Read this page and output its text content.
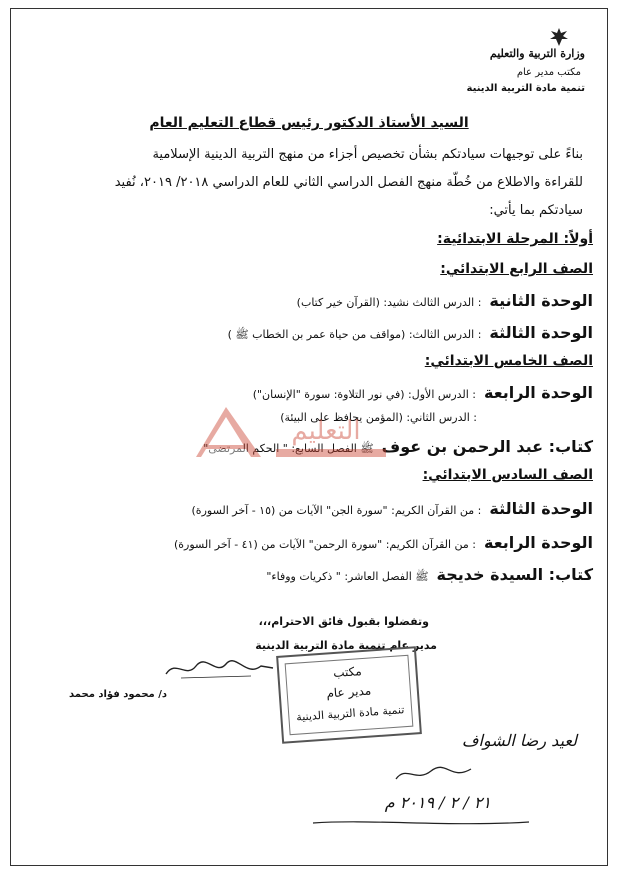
وزارة التربية والتعليم
مكتب مدير عام
تنمية مادة التربية الدينية
السيد الأستاذ الدكتور رئيس قطاع التعليم العام
بناءً على توجيهات سيادتكم بشأن تخصيص أجزاء من منهج التربية الدينية الإسلامية
للقراءة والاطلاع من خُطّة منهج الفصل الدراسي الثاني للعام الدراسي ٢٠١٨/ ٢٠١٩، نُفيد
سيادتكم بما يأتي:
أولاً: المرحلة الابتدائية:
الصف الرابع الابتدائي:
الوحدة الثانية
: الدرس الثالث نشيد: (القرآن خير كتاب)
الوحدة الثالثة
: الدرس الثالث: (مواقف من حياة عمر بن الخطاب ﷺ )
الصف الخامس الابتدائي:
الوحدة الرابعة
: الدرس الأول: (في نور التلاوة: سورة "الإنسان")
: الدرس الثاني: (المؤمن يحافظ على البيئة)
كتاب: عبد الرحمن بن عوف
ﷺ الفصل السابع: " الحكم المرتضى"
التعليم
الصف السادس الابتدائي:
الوحدة الثالثة
: من القرآن الكريم: "سورة الجن" الآيات من (١٥ - آخر السورة)
الوحدة الرابعة
: من القرآن الكريم: "سورة الرحمن" الآيات من (٤١ - آخر السورة)
كتاب: السيدة خديجة
ﷺ الفصل العاشر: " ذكريات ووفاء"
وتفضلوا بقبول فائق الاحترام،،،
مدير عام تنمية مادة التربية الدينية
د/ محمود فؤاد محمد
مكتب
مدير عام
تنمية مادة التربية الدينية
لعيد رضا الشواف
٢١ / ٢ / ٢٠١٩ م
